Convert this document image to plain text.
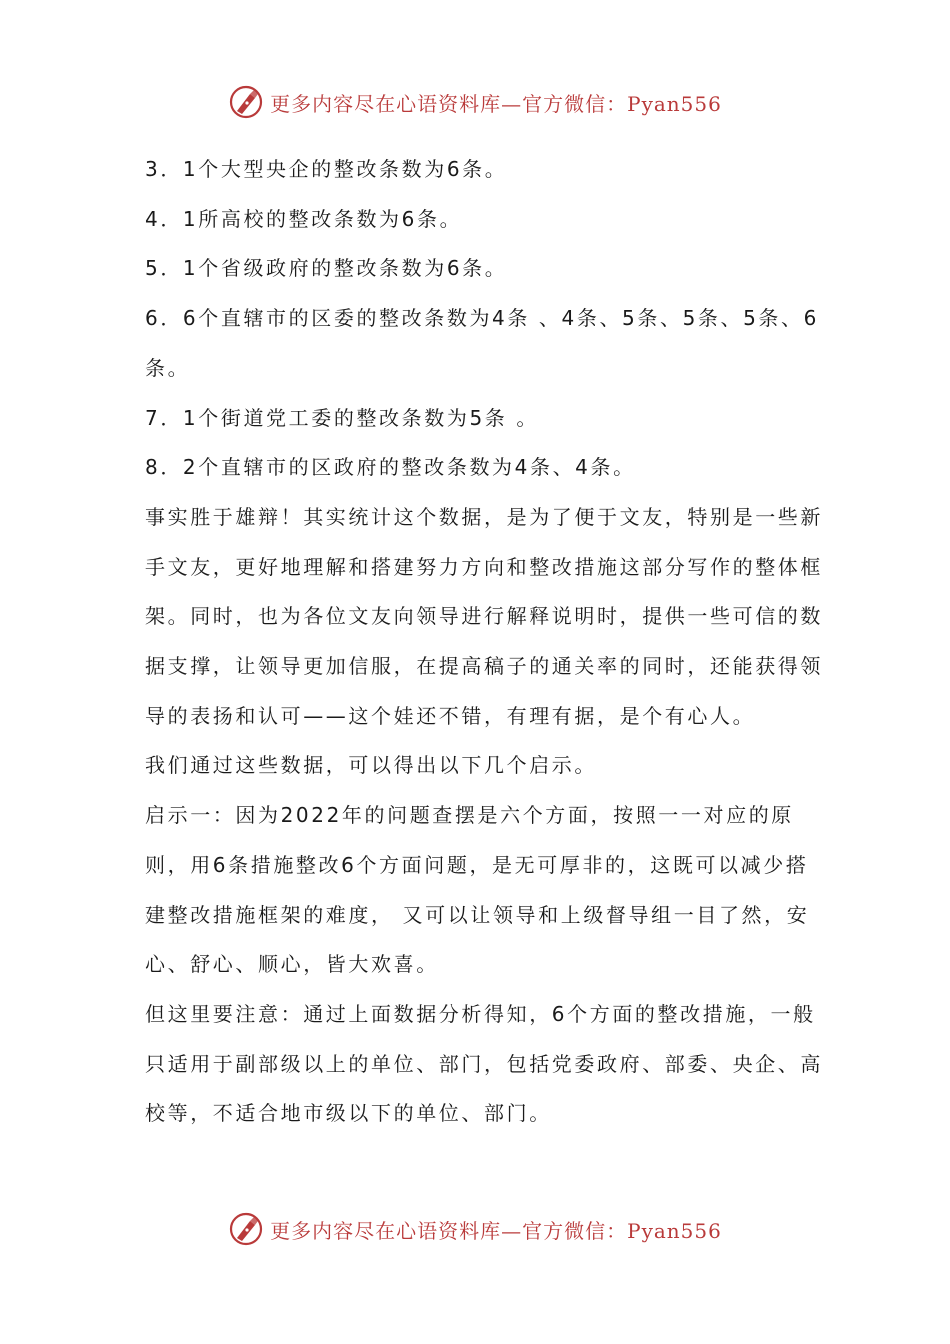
更多内容尽在心语资料库—官方微信：Pyan556

3．1个大型央企的整改条数为6条。

4．1所高校的整改条数为6条。

5．1个省级政府的整改条数为6条。

6．6个直辖市的区委的整改条数为4条 、4条、5条、5条、5条、6条。

7．1个街道党工委的整改条数为5条 。

8．2个直辖市的区政府的整改条数为4条、4条。

事实胜于雄辩！其实统计这个数据，是为了便于文友，特别是一些新手文友，更好地理解和搭建努力方向和整改措施这部分写作的整体框架。同时，也为各位文友向领导进行解释说明时，提供一些可信的数据支撑，让领导更加信服，在提高稿子的通关率的同时，还能获得领导的表扬和认可——这个娃还不错，有理有据，是个有心人。

我们通过这些数据，可以得出以下几个启示。

启示一：因为2022年的问题查摆是六个方面，按照一一对应的原则，用6条措施整改6个方面问题，是无可厚非的，这既可以减少搭建整改措施框架的难度， 又可以让领导和上级督导组一目了然，安心、舒心、顺心，皆大欢喜。

但这里要注意：通过上面数据分析得知，6个方面的整改措施，一般只适用于副部级以上的单位、部门，包括党委政府、部委、央企、高校等，不适合地市级以下的单位、部门。

更多内容尽在心语资料库—官方微信：Pyan556
